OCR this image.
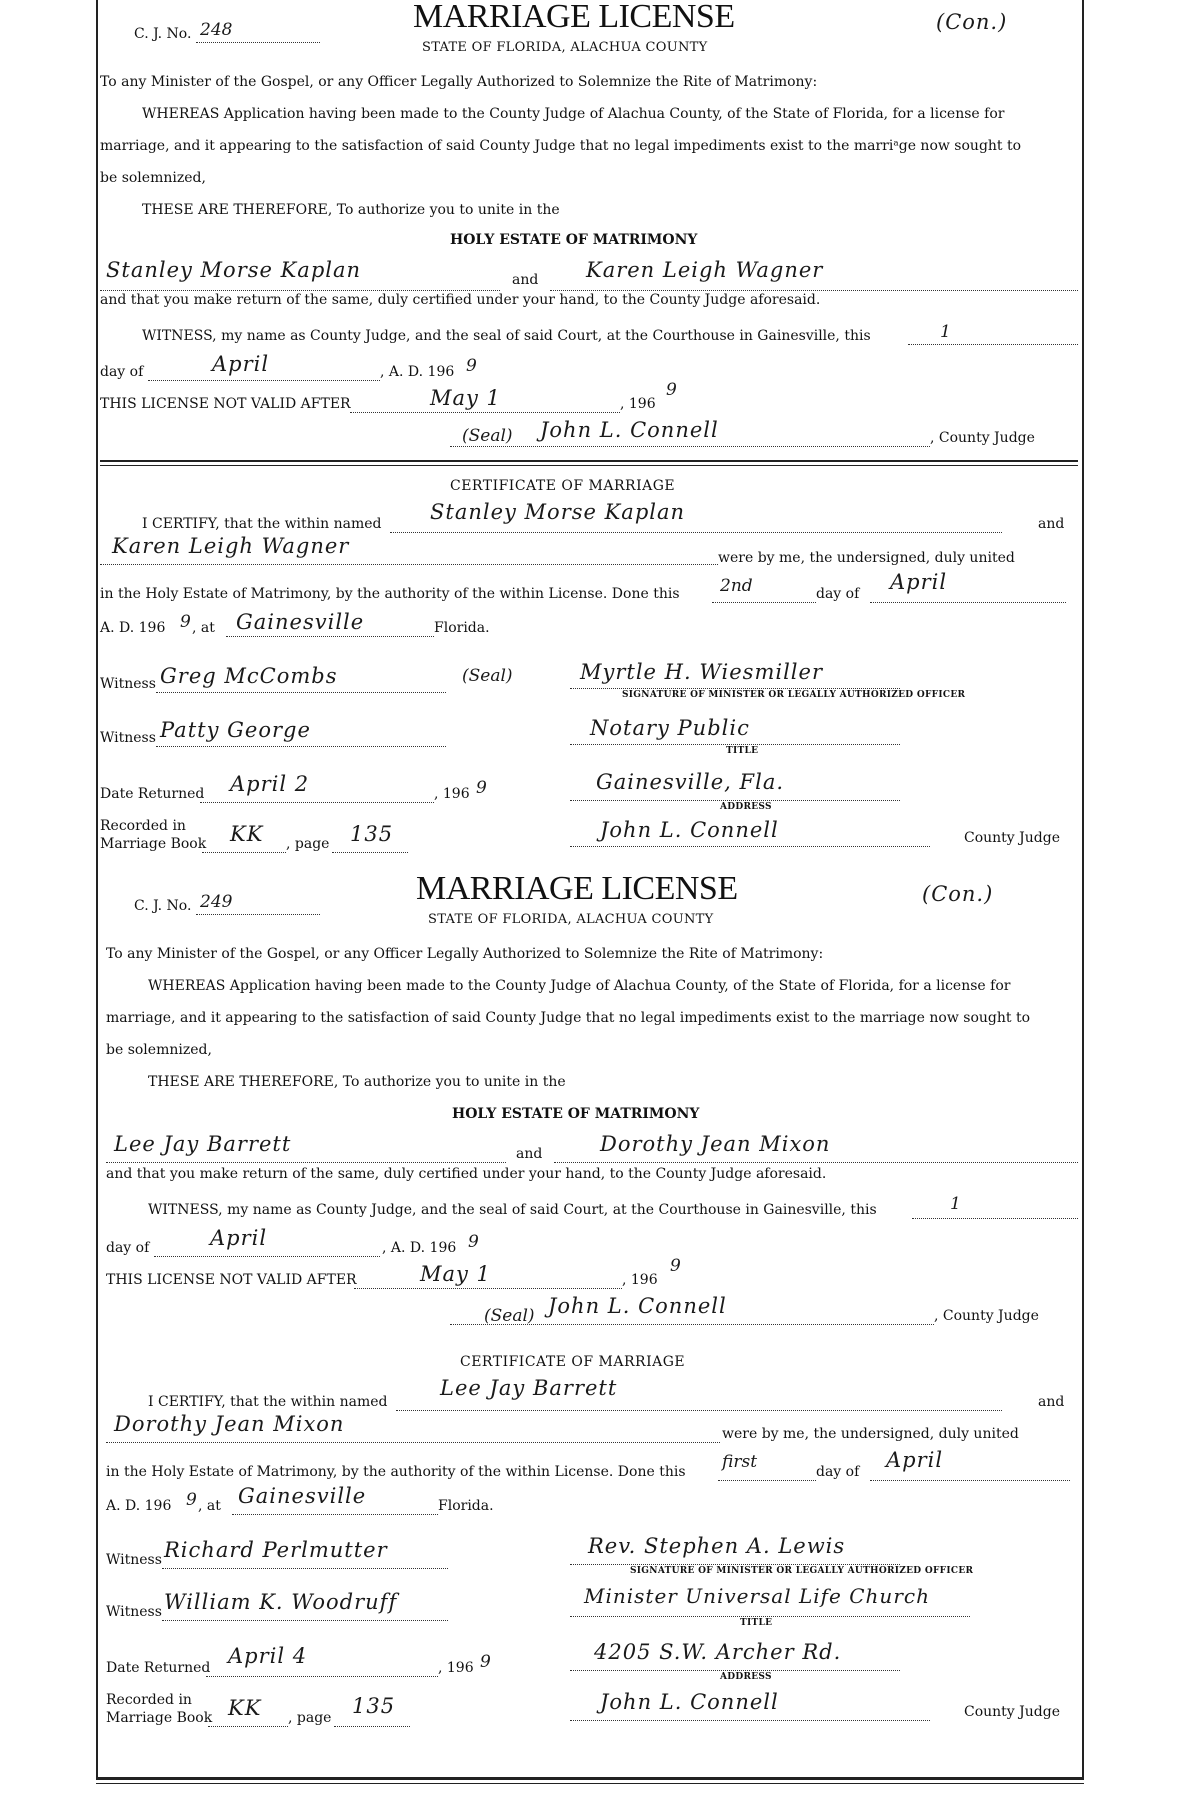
C. J. No. 248	MARRIAGE LICENSE
STATE OF FLORIDA, ALACHUA COUNTY
(Con.)
To any Minister of the Gospel, or any Officer Legally Authorized to Solemnize the Rite of Matrimony:
WHEREAS Application having been made to the County Judge of Alachua County, of the State of Florida, for a license for
marriage, and it appearing to the satisfaction of said County Judge that no legal impediments exist to the marriᵃge now sought to
be solemnized,
THESE ARE THEREFORE, To authorize you to unite in the
HOLY ESTATE OF MATRIMONY
Stanley Morse Kaplan	and Karen Leigh Wagner
and that you make return of the same, duly certified under your hand, to the County Judge aforesaid.
WITNESS, my name as County Judge, and the seal of said Court, at the Courthouse in Gainesville, this	1
day of	April	, A. D. 196 9
THIS LICENSE NOT VALID AFTER	May 1	, 196
9
(Seal) John L. Connell	, County Judge
CERTIFICATE OF MARRIAGE
I CERTIFY, that the within named Stanley Morse Kaplan	and
Karen Leigh Wagner	were by me, the undersigned, duly united
in the Holy Estate of Matrimony, by the authority of the within License. Done this 2nd	day of April
A. D. 196 9 , at Gainesville	Florida.
Witness Greg McCombs	(Seal)	Myrtle H. Wiesmiller
SIGNATURE OF MINISTER OR LEGALLY AUTHORIZED OFFICER
Witness Patty George	Notary Public
TITLE
Date Returned April 2	, 196 9	Gainesville, Fla.
ADDRESS
Recorded in
Marriage Book KK , page 135	John L. Connell	County Judge
C. J. No. 249	MARRIAGE LICENSE
STATE OF FLORIDA, ALACHUA COUNTY
(Con.)
To any Minister of the Gospel, or any Officer Legally Authorized to Solemnize the Rite of Matrimony:
WHEREAS Application having been made to the County Judge of Alachua County, of the State of Florida, for a license for
marriage, and it appearing to the satisfaction of said County Judge that no legal impediments exist to the marriage now sought to
be solemnized,
THESE ARE THEREFORE, To authorize you to unite in the
HOLY ESTATE OF MATRIMONY
Lee Jay Barrett	and	Dorothy Jean Mixon
and that you make return of the same, duly certified under your hand, to the County Judge aforesaid.
WITNESS, my name as County Judge, and the seal of said Court, at the Courthouse in Gainesville, this	1
day of	April	, A. D. 196 9
THIS LICENSE NOT VALID AFTER	May 1	, 196
9
(Seal) John L. Connell	, County Judge
CERTIFICATE OF MARRIAGE
I CERTIFY, that the within named
Lee Jay Barrett
and
Dorothy Jean Mixon	were by me, the undersigned, duly united
in the Holy Estate of Matrimony, by the authority of the within License. Done this first	day of April
A. D. 196 9 , at Gainesville	Florida.
Witness Richard Perlmutter	Rev. Stephen A. Lewis
SIGNATURE OF MINISTER OR LEGALLY AUTHORIZED OFFICER
Witness William K. Woodruff	Minister Universal Life Church
TITLE
Date Returned April 4	, 196 9	4205 S.W. Archer Rd.
ADDRESS
Recorded in
Marriage Book KK , page 135	John L. Connell	County Judge
